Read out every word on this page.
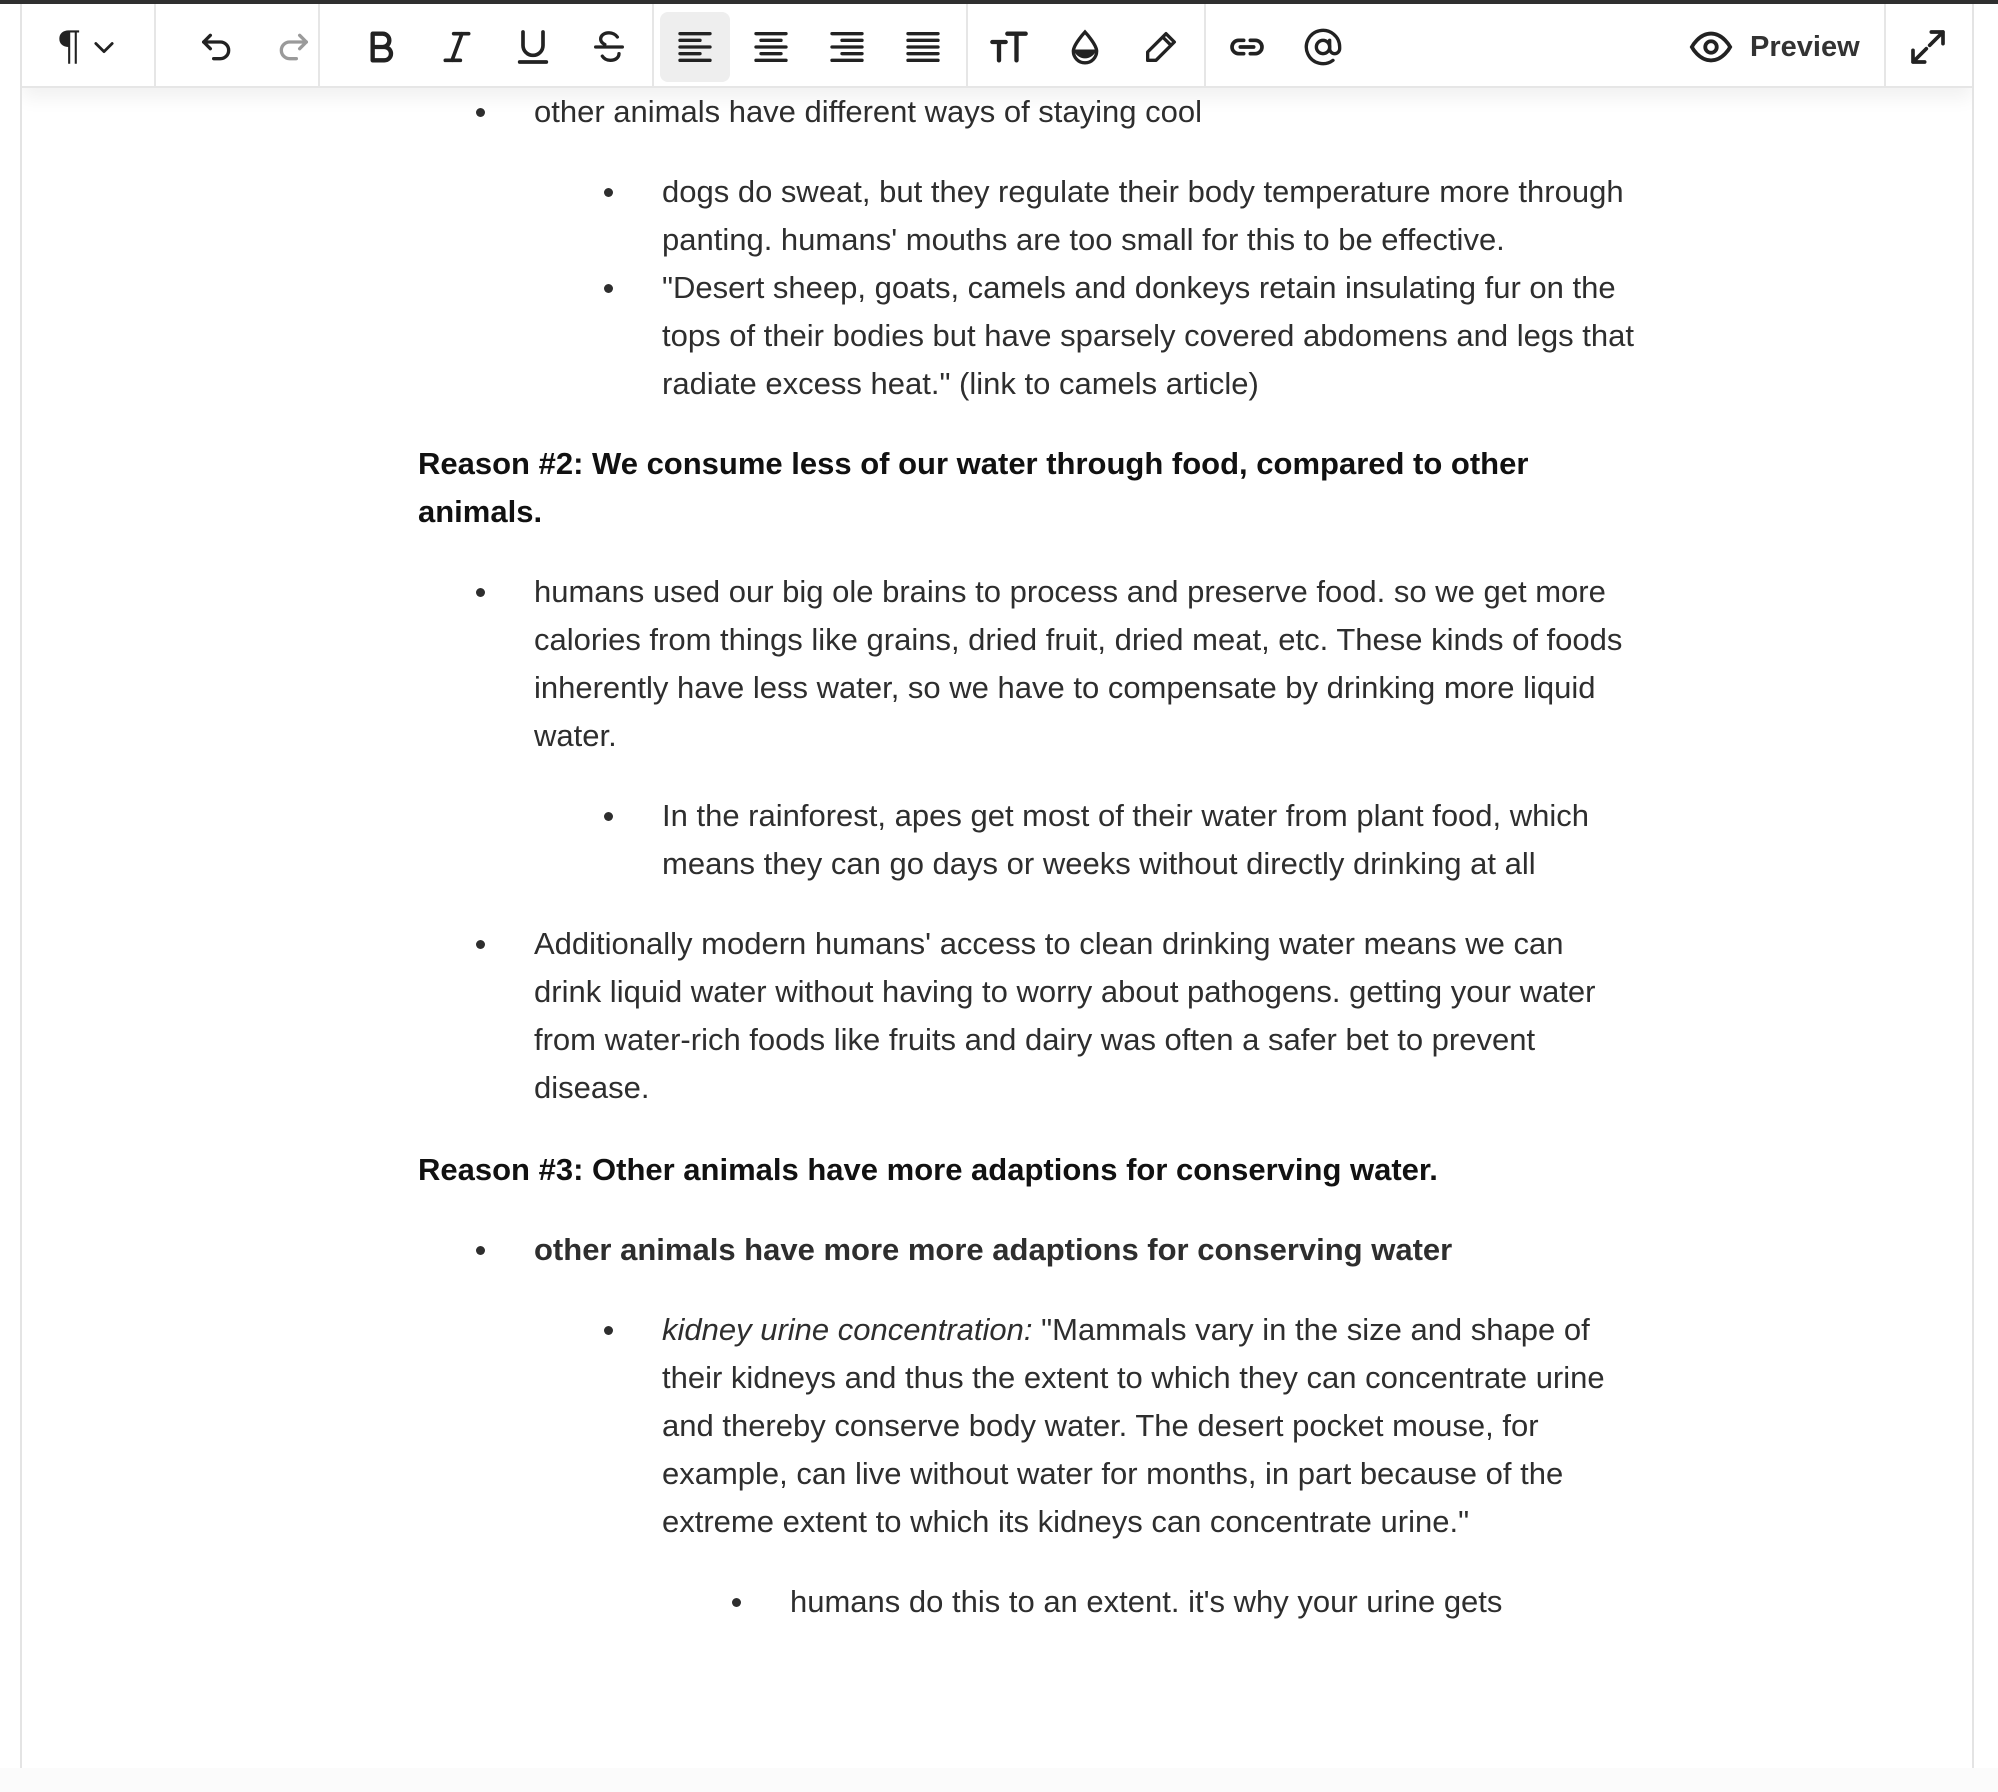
¶	Preview
other animals have different ways of staying cool
dogs do sweat, but they regulate their body temperature more through panting. humans' mouths are too small for this to be effective.
"Desert sheep, goats, camels and donkeys retain insulating fur on the tops of their bodies but have sparsely covered abdomens and legs that radiate excess heat." (link to camels article)

Reason #2: We consume less of our water through food, compared to other animals.

humans used our big ole brains to process and preserve food. so we get more calories from things like grains, dried fruit, dried meat, etc. These kinds of foods inherently have less water, so we have to compensate by drinking more liquid water.
In the rainforest, apes get most of their water from plant food, which means they can go days or weeks without directly drinking at all
Additionally modern humans' access to clean drinking water means we can drink liquid water without having to worry about pathogens. getting your water from water-rich foods like fruits and dairy was often a safer bet to prevent disease.

Reason #3: Other animals have more adaptions for conserving water.

other animals have more more adaptions for conserving water
kidney urine concentration: "Mammals vary in the size and shape of their kidneys and thus the extent to which they can concentrate urine and thereby conserve body water. The desert pocket mouse, for example, can live without water for months, in part because of the extreme extent to which its kidneys can concentrate urine."
humans do this to an extent. it's why your urine gets
